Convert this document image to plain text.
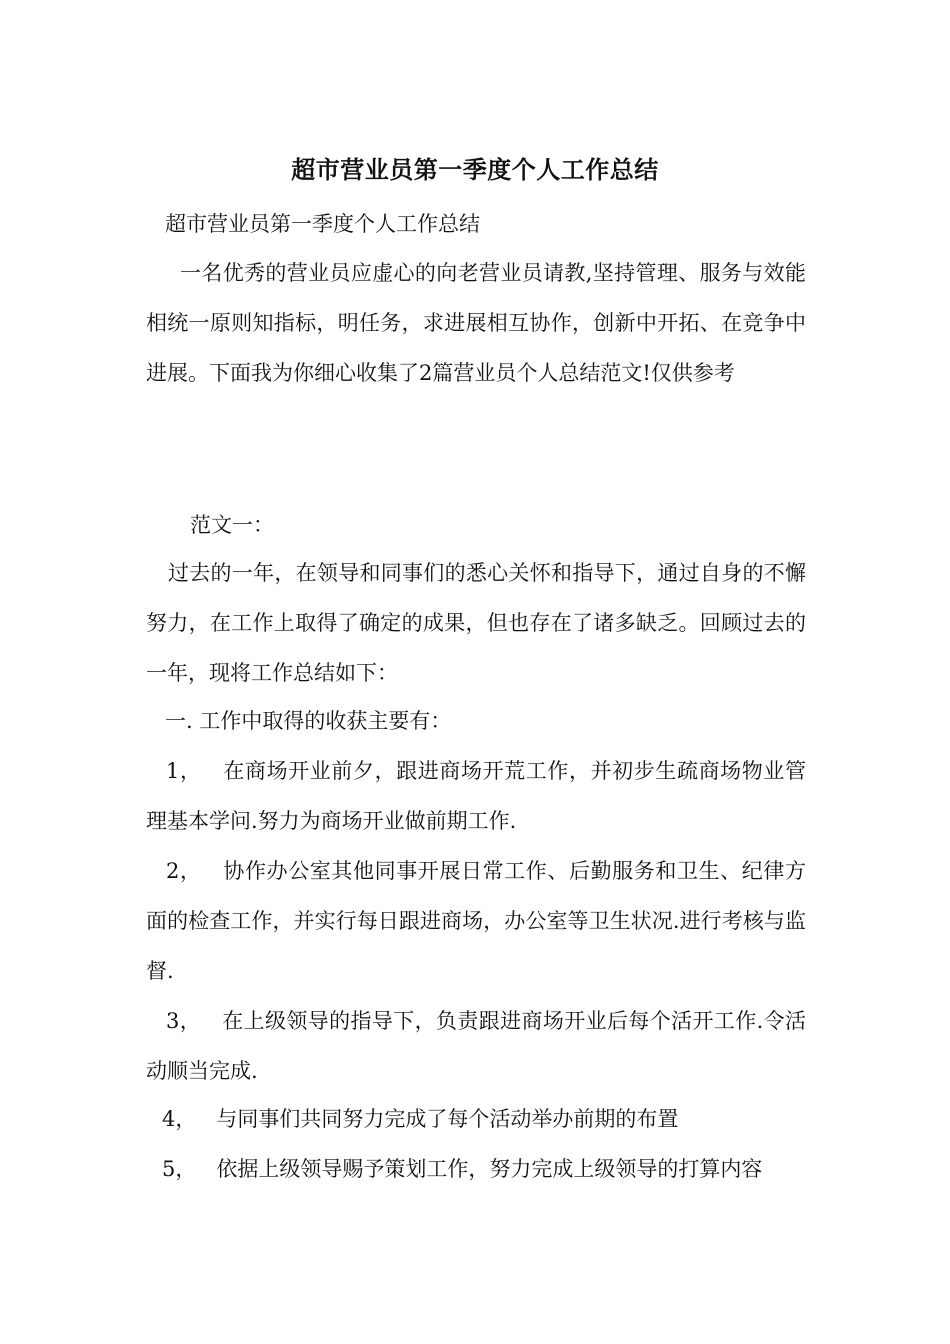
超市营业员第一季度个人工作总结
超市营业员第一季度个人工作总结

一名优秀的营业员应虚心的向老营业员请教,坚持管理、服务与效能相统一原则知指标，明任务，求进展相互协作，创新中开拓、在竞争中进展。下面我为你细心收集了2篇营业员个人总结范文!仅供参考

范文一：

过去的一年，在领导和同事们的悉心关怀和指导下，通过自身的不懈努力，在工作上取得了确定的成果，但也存在了诸多缺乏。回顾过去的一年，现将工作总结如下：

一. 工作中取得的收获主要有：

1， 在商场开业前夕，跟进商场开荒工作，并初步生疏商场物业管理基本学问.努力为商场开业做前期工作.

2， 协作办公室其他同事开展日常工作、后勤服务和卫生、纪律方面的检查工作，并实行每日跟进商场，办公室等卫生状况.进行考核与监督.

3， 在上级领导的指导下，负责跟进商场开业后每个活开工作.令活动顺当完成.

4， 与同事们共同努力完成了每个活动举办前期的布置

5， 依据上级领导赐予策划工作，努力完成上级领导的打算内容
